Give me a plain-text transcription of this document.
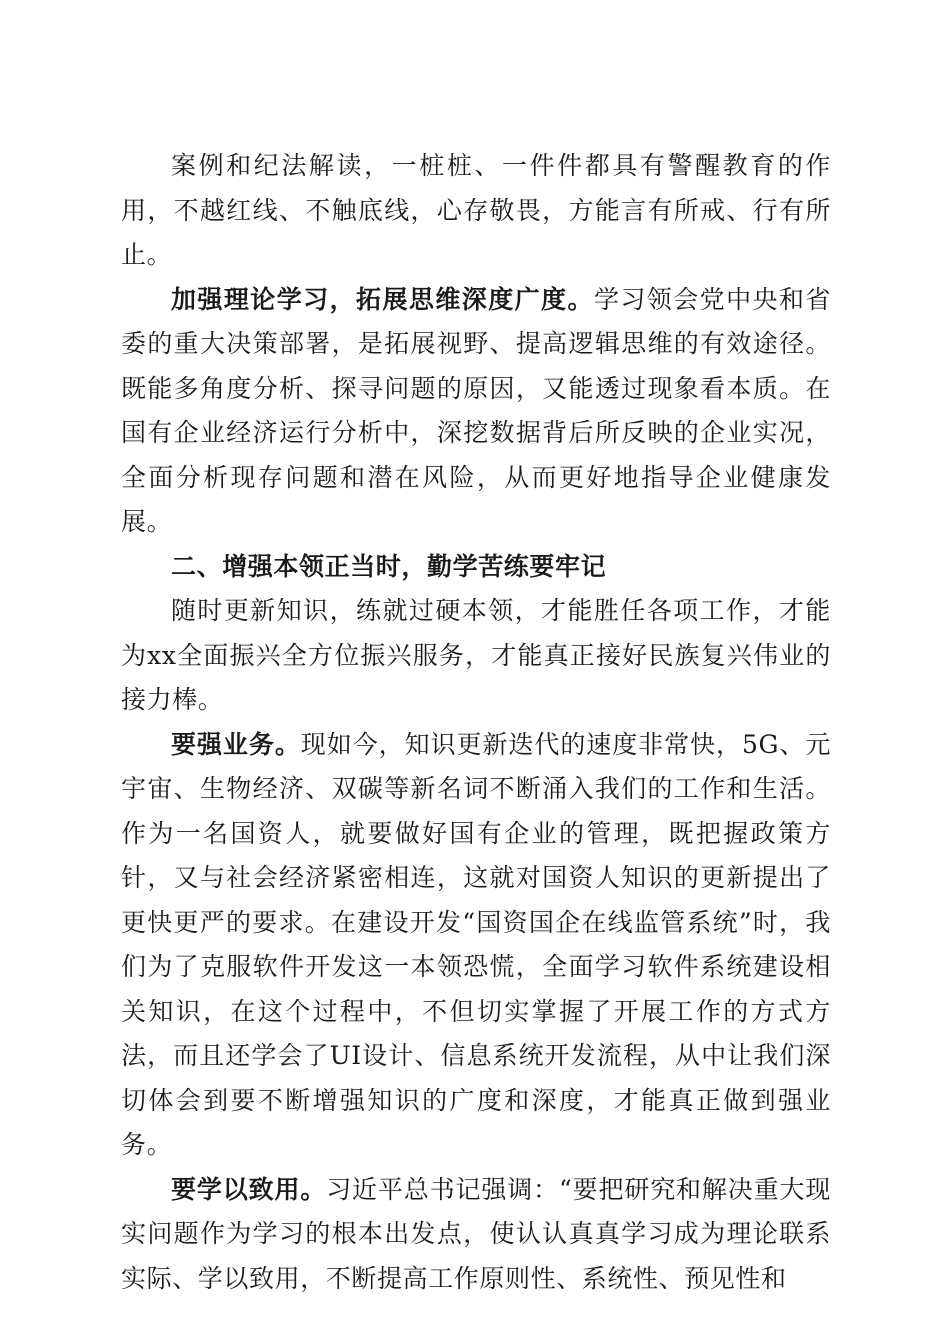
案例和纪法解读，一桩桩、一件件都具有警醒教育的作用，不越红线、不触底线，心存敬畏，方能言有所戒、行有所止。

加强理论学习，拓展思维深度广度。学习领会党中央和省委的重大决策部署，是拓展视野、提高逻辑思维的有效途径。既能多角度分析、探寻问题的原因，又能透过现象看本质。在国有企业经济运行分析中，深挖数据背后所反映的企业实况，全面分析现存问题和潜在风险，从而更好地指导企业健康发展。

二、增强本领正当时，勤学苦练要牢记

随时更新知识，练就过硬本领，才能胜任各项工作，才能为xx全面振兴全方位振兴服务，才能真正接好民族复兴伟业的接力棒。

要强业务。现如今，知识更新迭代的速度非常快，5G、元宇宙、生物经济、双碳等新名词不断涌入我们的工作和生活。作为一名国资人，就要做好国有企业的管理，既把握政策方针，又与社会经济紧密相连，这就对国资人知识的更新提出了更快更严的要求。在建设开发“国资国企在线监管系统”时，我们为了克服软件开发这一本领恐慌，全面学习软件系统建设相关知识，在这个过程中，不但切实掌握了开展工作的方式方法，而且还学会了UI设计、信息系统开发流程，从中让我们深切体会到要不断增强知识的广度和深度，才能真正做到强业务。

要学以致用。习近平总书记强调：“要把研究和解决重大现实问题作为学习的根本出发点，使认认真真学习成为理论联系实际、学以致用，不断提高工作原则性、系统性、预见性和
